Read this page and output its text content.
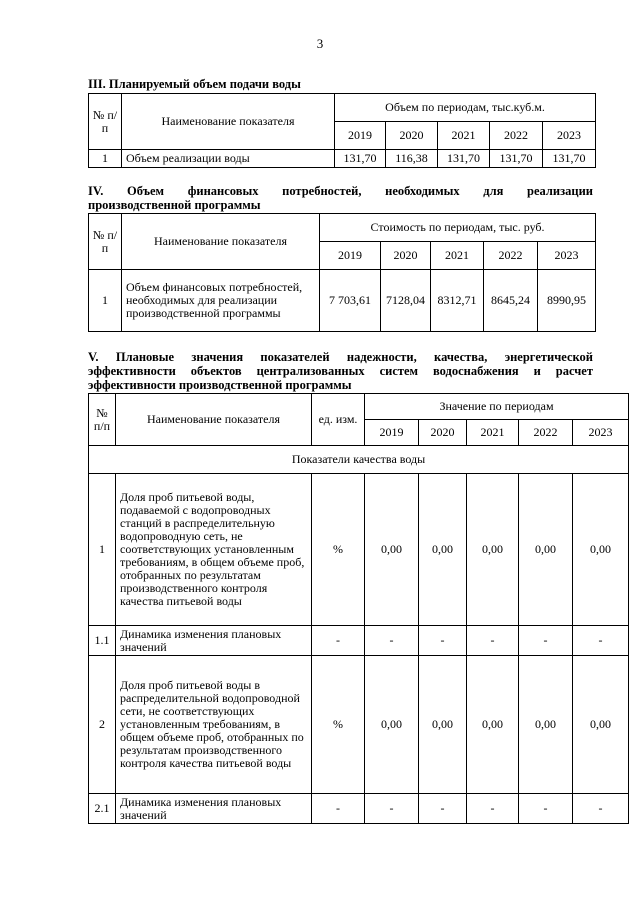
3
III. Планируемый объем подачи воды
№ п/п	Наименование показателя	Объем по периодам, тыс.куб.м.				
		2019	2020	2021	2022	2023
1	Объем реализации воды	131,70	116,38	131,70	131,70	131,70
IV. Объем финансовых потребностей, необходимых для реализации
производственной программы
№ п/п	Наименование показателя	Стоимость по периодам, тыс. руб.				
		2019	2020	2021	2022	2023
1	Объем финансовых потребностей, необходимых для реализации производственной программы	7 703,61	7128,04	8312,71	8645,24	8990,95
V. Плановые значения показателей надежности, качества, энергетической
эффективности объектов централизованных систем водоснабжения и расчет
эффективности производственной программы
№ п/п	Наименование показателя	ед. изм.	Значение по периодам				
			2019	2020	2021	2022	2023
Показатели качества воды							
1	Доля проб питьевой воды, подаваемой с водопроводных станций в распределительную водопроводную сеть, не соответствующих установленным требованиям, в общем объеме проб, отобранных по результатам производственного контроля качества питьевой воды	%	0,00	0,00	0,00	0,00	0,00
1.1	Динамика изменения плановых значений	-	-	-	-	-	-
2	Доля проб питьевой воды в распределительной водопроводной сети, не соответствующих установленным требованиям, в общем объеме проб, отобранных по результатам производственного контроля качества питьевой воды	%	0,00	0,00	0,00	0,00	0,00
2.1	Динамика изменения плановых значений	-	-	-	-	-	-
